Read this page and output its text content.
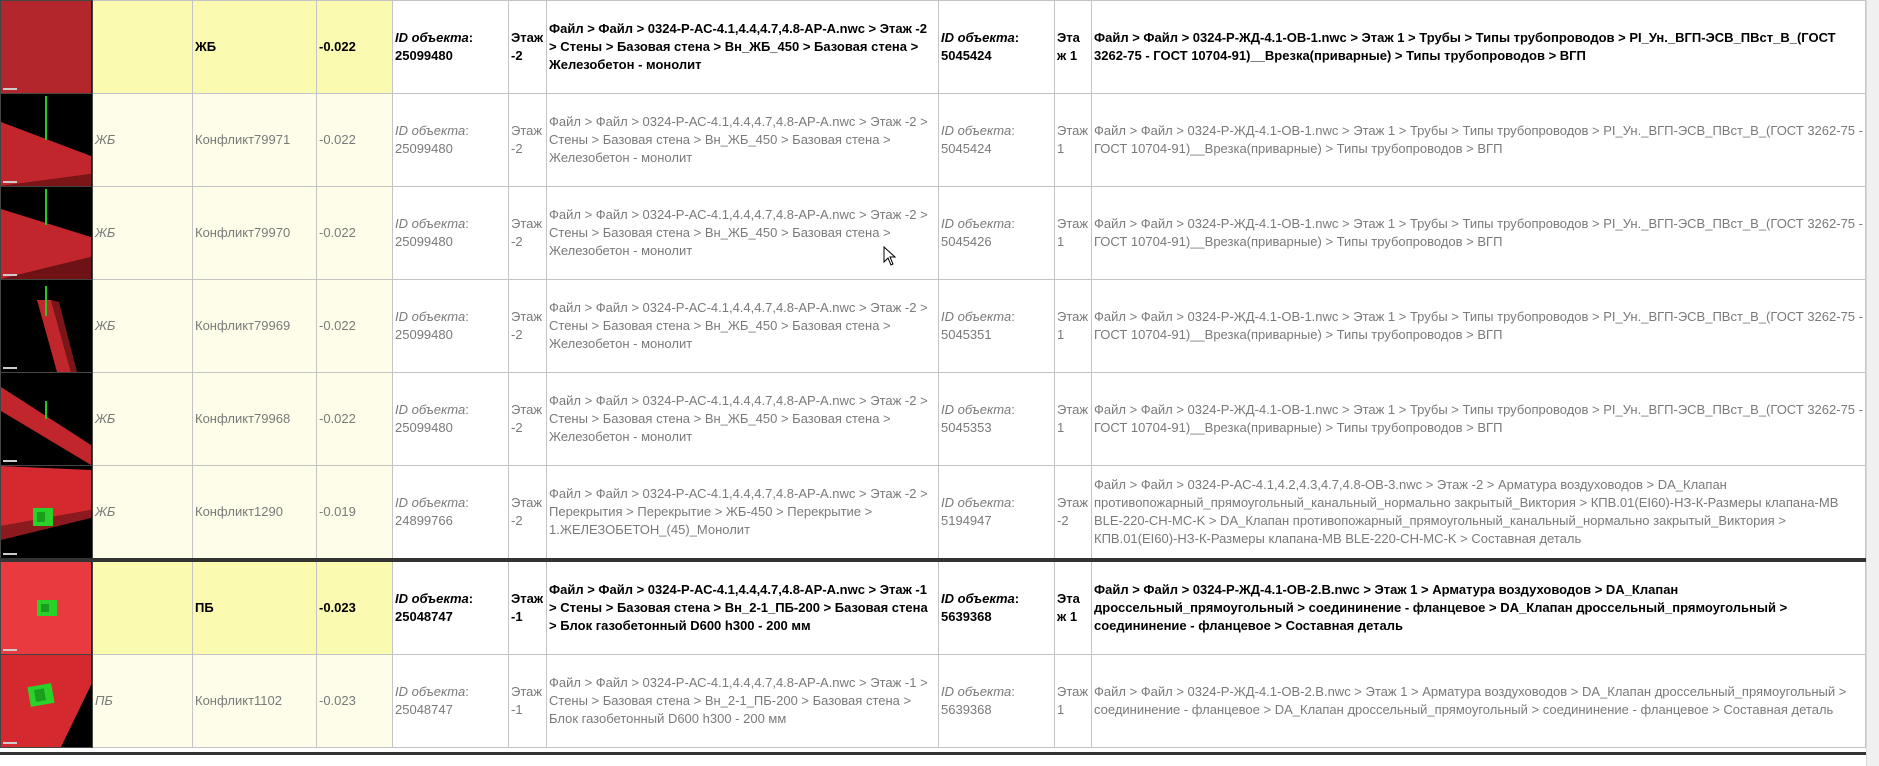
		ЖБ	-0.022	ID объекта:
25099480	Этаж -2	Файл > Файл > 0324-Р-АС-4.1,4.4,4.7,4.8-АР-А.nwc > Этаж -2 > Стены > Базовая стена > Вн_ЖБ_450 > Базовая стена > Железобетон - монолит	ID объекта:
5045424	Этаж 1	Файл > Файл > 0324-Р-ЖД-4.1-ОВ-1.nwc > Этаж 1 > Трубы > Типы трубопроводов > PI_Ун._ВГП-ЭСВ_ПВст_В_(ГОСТ 3262-75 - ГОСТ 10704-91)__Врезка(приварные) > Типы трубопроводов > ВГП

	ЖБ	Конфликт79971	-0.022	ID объекта:
25099480	Этаж -2	Файл > Файл > 0324-Р-АС-4.1,4.4,4.7,4.8-АР-А.nwc > Этаж -2 > Стены > Базовая стена > Вн_ЖБ_450 > Базовая стена > Железобетон - монолит	ID объекта:
5045424	Этаж 1	Файл > Файл > 0324-Р-ЖД-4.1-ОВ-1.nwc > Этаж 1 > Трубы > Типы трубопроводов > PI_Ун._ВГП-ЭСВ_ПВст_В_(ГОСТ 3262-75 - ГОСТ 10704-91)__Врезка(приварные) > Типы трубопроводов > ВГП

	ЖБ	Конфликт79970	-0.022	ID объекта:
25099480	Этаж -2	Файл > Файл > 0324-Р-АС-4.1,4.4,4.7,4.8-АР-А.nwc > Этаж -2 > Стены > Базовая стена > Вн_ЖБ_450 > Базовая стена > Железобетон - монолит	ID объекта:
5045426	Этаж 1	Файл > Файл > 0324-Р-ЖД-4.1-ОВ-1.nwc > Этаж 1 > Трубы > Типы трубопроводов > PI_Ун._ВГП-ЭСВ_ПВст_В_(ГОСТ 3262-75 - ГОСТ 10704-91)__Врезка(приварные) > Типы трубопроводов > ВГП

	ЖБ	Конфликт79969	-0.022	ID объекта:
25099480	Этаж -2	Файл > Файл > 0324-Р-АС-4.1,4.4,4.7,4.8-АР-А.nwc > Этаж -2 > Стены > Базовая стена > Вн_ЖБ_450 > Базовая стена > Железобетон - монолит	ID объекта:
5045351	Этаж 1	Файл > Файл > 0324-Р-ЖД-4.1-ОВ-1.nwc > Этаж 1 > Трубы > Типы трубопроводов > PI_Ун._ВГП-ЭСВ_ПВст_В_(ГОСТ 3262-75 - ГОСТ 10704-91)__Врезка(приварные) > Типы трубопроводов > ВГП

	ЖБ	Конфликт79968	-0.022	ID объекта:
25099480	Этаж -2	Файл > Файл > 0324-Р-АС-4.1,4.4,4.7,4.8-АР-А.nwc > Этаж -2 > Стены > Базовая стена > Вн_ЖБ_450 > Базовая стена > Железобетон - монолит	ID объекта:
5045353	Этаж 1	Файл > Файл > 0324-Р-ЖД-4.1-ОВ-1.nwc > Этаж 1 > Трубы > Типы трубопроводов > PI_Ун._ВГП-ЭСВ_ПВст_В_(ГОСТ 3262-75 - ГОСТ 10704-91)__Врезка(приварные) > Типы трубопроводов > ВГП

	ЖБ	Конфликт1290	-0.019	ID объекта:
24899766	Этаж -2	Файл > Файл > 0324-Р-АС-4.1,4.4,4.7,4.8-АР-А.nwc > Этаж -2 > Перекрытия > Перекрытие > ЖБ-450 > Перекрытие > 1.ЖЕЛЕЗОБЕТОН_(45)_Монолит	ID объекта:
5194947	Этаж -2	Файл > Файл > 0324-Р-АС-4.1,4.2,4.3,4.7,4.8-ОВ-3.nwc > Этаж -2 > Арматура воздуховодов > DA_Клапан противопожарный_прямоугольный_канальный_нормально закрытый_Виктория > КПВ.01(EI60)-НЗ-К-Размеры клапана-МВ BLE-220-CH-MC-K > DA_Клапан противопожарный_прямоугольный_канальный_нормально закрытый_Виктория > КПВ.01(EI60)-НЗ-К-Размеры клапана-МВ BLE-220-CH-MC-K > Составная деталь

		ПБ	-0.023	ID объекта:
25048747	Этаж -1	Файл > Файл > 0324-Р-АС-4.1,4.4,4.7,4.8-АР-А.nwc > Этаж -1 > Стены > Базовая стена > Вн_2-1_ПБ-200 > Базовая стена > Блок газобетонный D600 h300 - 200 мм	ID объекта:
5639368	Этаж 1	Файл > Файл > 0324-Р-ЖД-4.1-ОВ-2.В.nwc > Этаж 1 > Арматура воздуховодов > DA_Клапан дроссельный_прямоугольный > соедининение - фланцевое > DA_Клапан дроссельный_прямоугольный > соедининение - фланцевое > Составная деталь

	ПБ	Конфликт1102	-0.023	ID объекта:
25048747	Этаж -1	Файл > Файл > 0324-Р-АС-4.1,4.4,4.7,4.8-АР-А.nwc > Этаж -1 > Стены > Базовая стена > Вн_2-1_ПБ-200 > Базовая стена > Блок газобетонный D600 h300 - 200 мм	ID объекта:
5639368	Этаж 1	Файл > Файл > 0324-Р-ЖД-4.1-ОВ-2.В.nwc > Этаж 1 > Арматура воздуховодов > DA_Клапан дроссельный_прямоугольный > соедининение - фланцевое > DA_Клапан дроссельный_прямоугольный > соедининение - фланцевое > Составная деталь
